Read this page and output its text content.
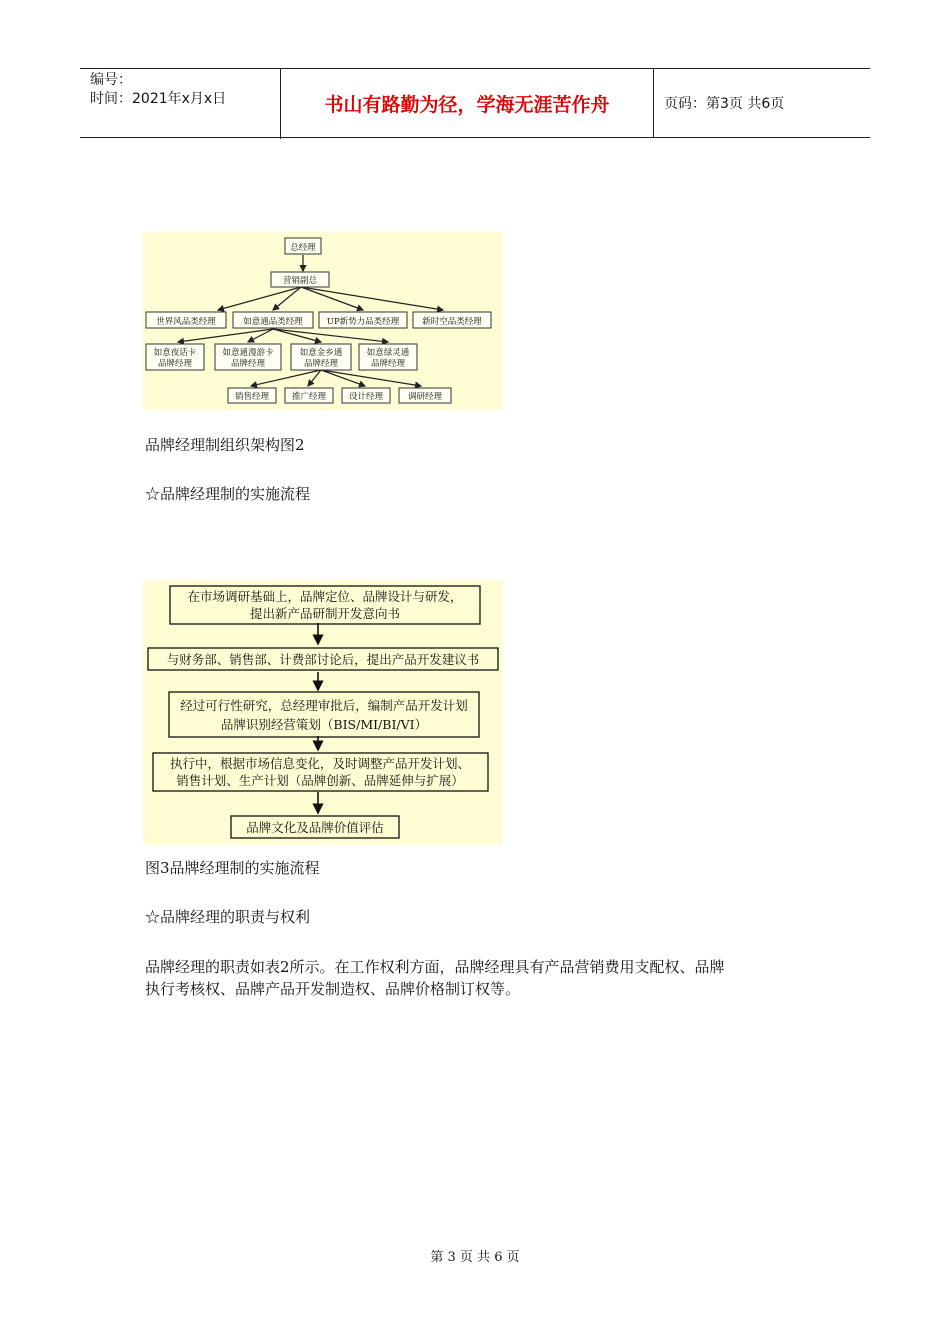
编号：
时间：2021年x月x日	书山有路勤为径，学海无涯苦作舟	页码：第3页 共6页
总经理
营销副总
世界风品类经理	如意通品类经理	UP新势力品类经理	新时空品类经理
如意夜话卡
品牌经理
如意通漫游卡
品牌经理
如意金乡通
品牌经理
如意绿灵通
品牌经理
销售经理	推广经理	设计经理	调研经理
品牌经理制组织架构图2
☆品牌经理制的实施流程
在市场调研基础上，品牌定位、品牌设计与研发，
提出新产品研制开发意向书
与财务部、销售部、计费部讨论后，提出产品开发建议书
经过可行性研究，总经理审批后，编制产品开发计划
品牌识别经营策划（BIS/MI/BI/VI）
执行中，根据市场信息变化，及时调整产品开发计划、
销售计划、生产计划（品牌创新、品牌延伸与扩展）
品牌文化及品牌价值评估
图3品牌经理制的实施流程
☆品牌经理的职责与权利
品牌经理的职责如表2所示。在工作权利方面，品牌经理具有产品营销费用支配权、品牌
执行考核权、品牌产品开发制造权、品牌价格制订权等。
第 3 页 共 6 页
